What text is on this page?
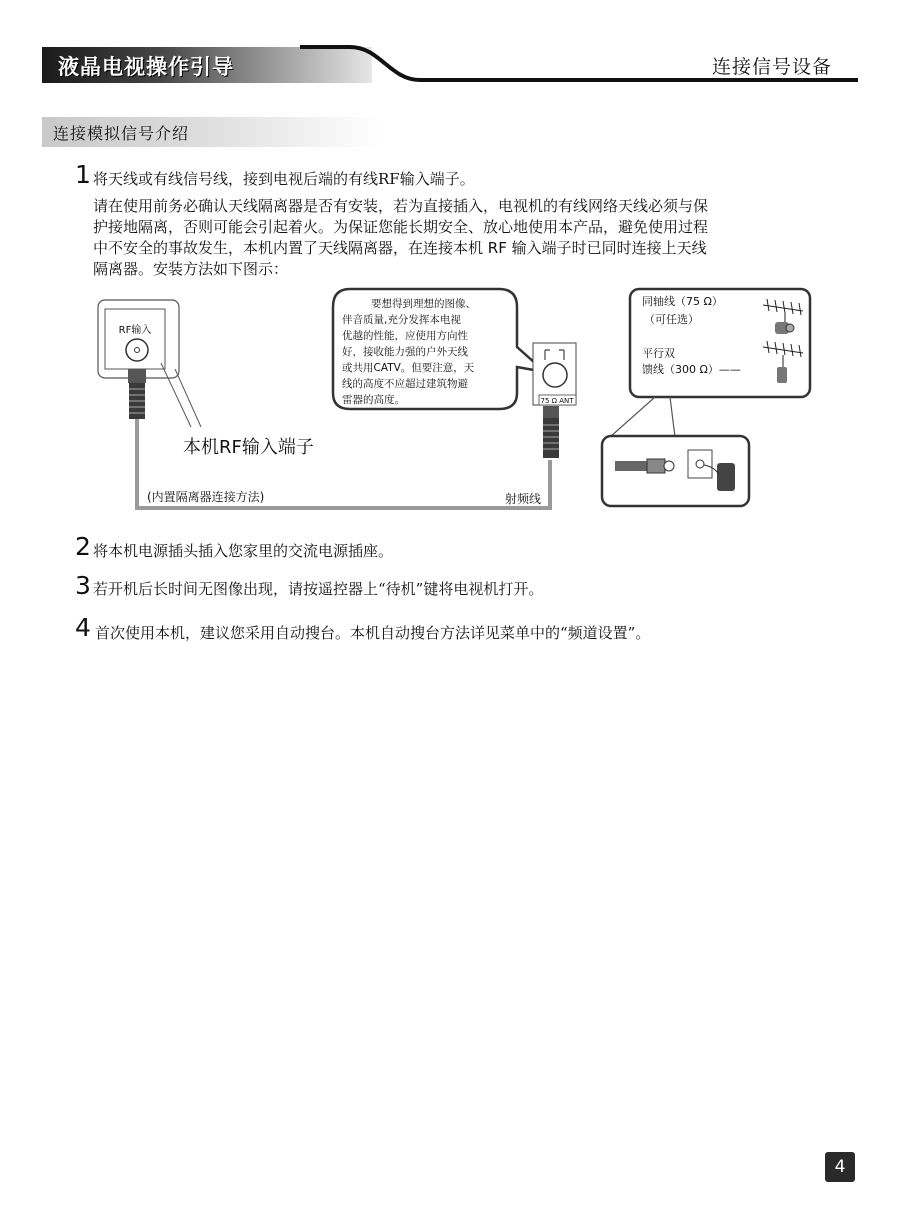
液晶电视操作引导	连接信号设备
连接模拟信号介绍
1 将天线或有线信号线，接到电视后端的有线RF输入端子。
请在使用前务必确认天线隔离器是否有安装，若为直接插入，电视机的有线网络天线必须与保
护接地隔离，否则可能会引起着火。为保证您能长期安全、放心地使用本产品，避免使用过程
中不安全的事故发生，本机内置了天线隔离器，在连接本机 RF 输入端子时已同时连接上天线
隔离器。安装方法如下图示：
RF输入
本机RF输入端子
(内置隔离器连接方法)	射频线
要想得到理想的图像、 伴音质量,充分发挥本电视 优越的性能，应使用方向性 好，接收能力强的户外天线 或共用CATV。但要注意，天 线的高度不应超过建筑物避 雷器的高度。	75 Ω ANT
同轴线（75 Ω）
（可任选）
平行双
馈线（300 Ω）——
2 将本机电源插头插入您家里的交流电源插座。
3 若开机后长时间无图像出现，请按遥控器上“待机”键将电视机打开。
4 首次使用本机，建议您采用自动搜台。本机自动搜台方法详见菜单中的“频道设置”。
4
